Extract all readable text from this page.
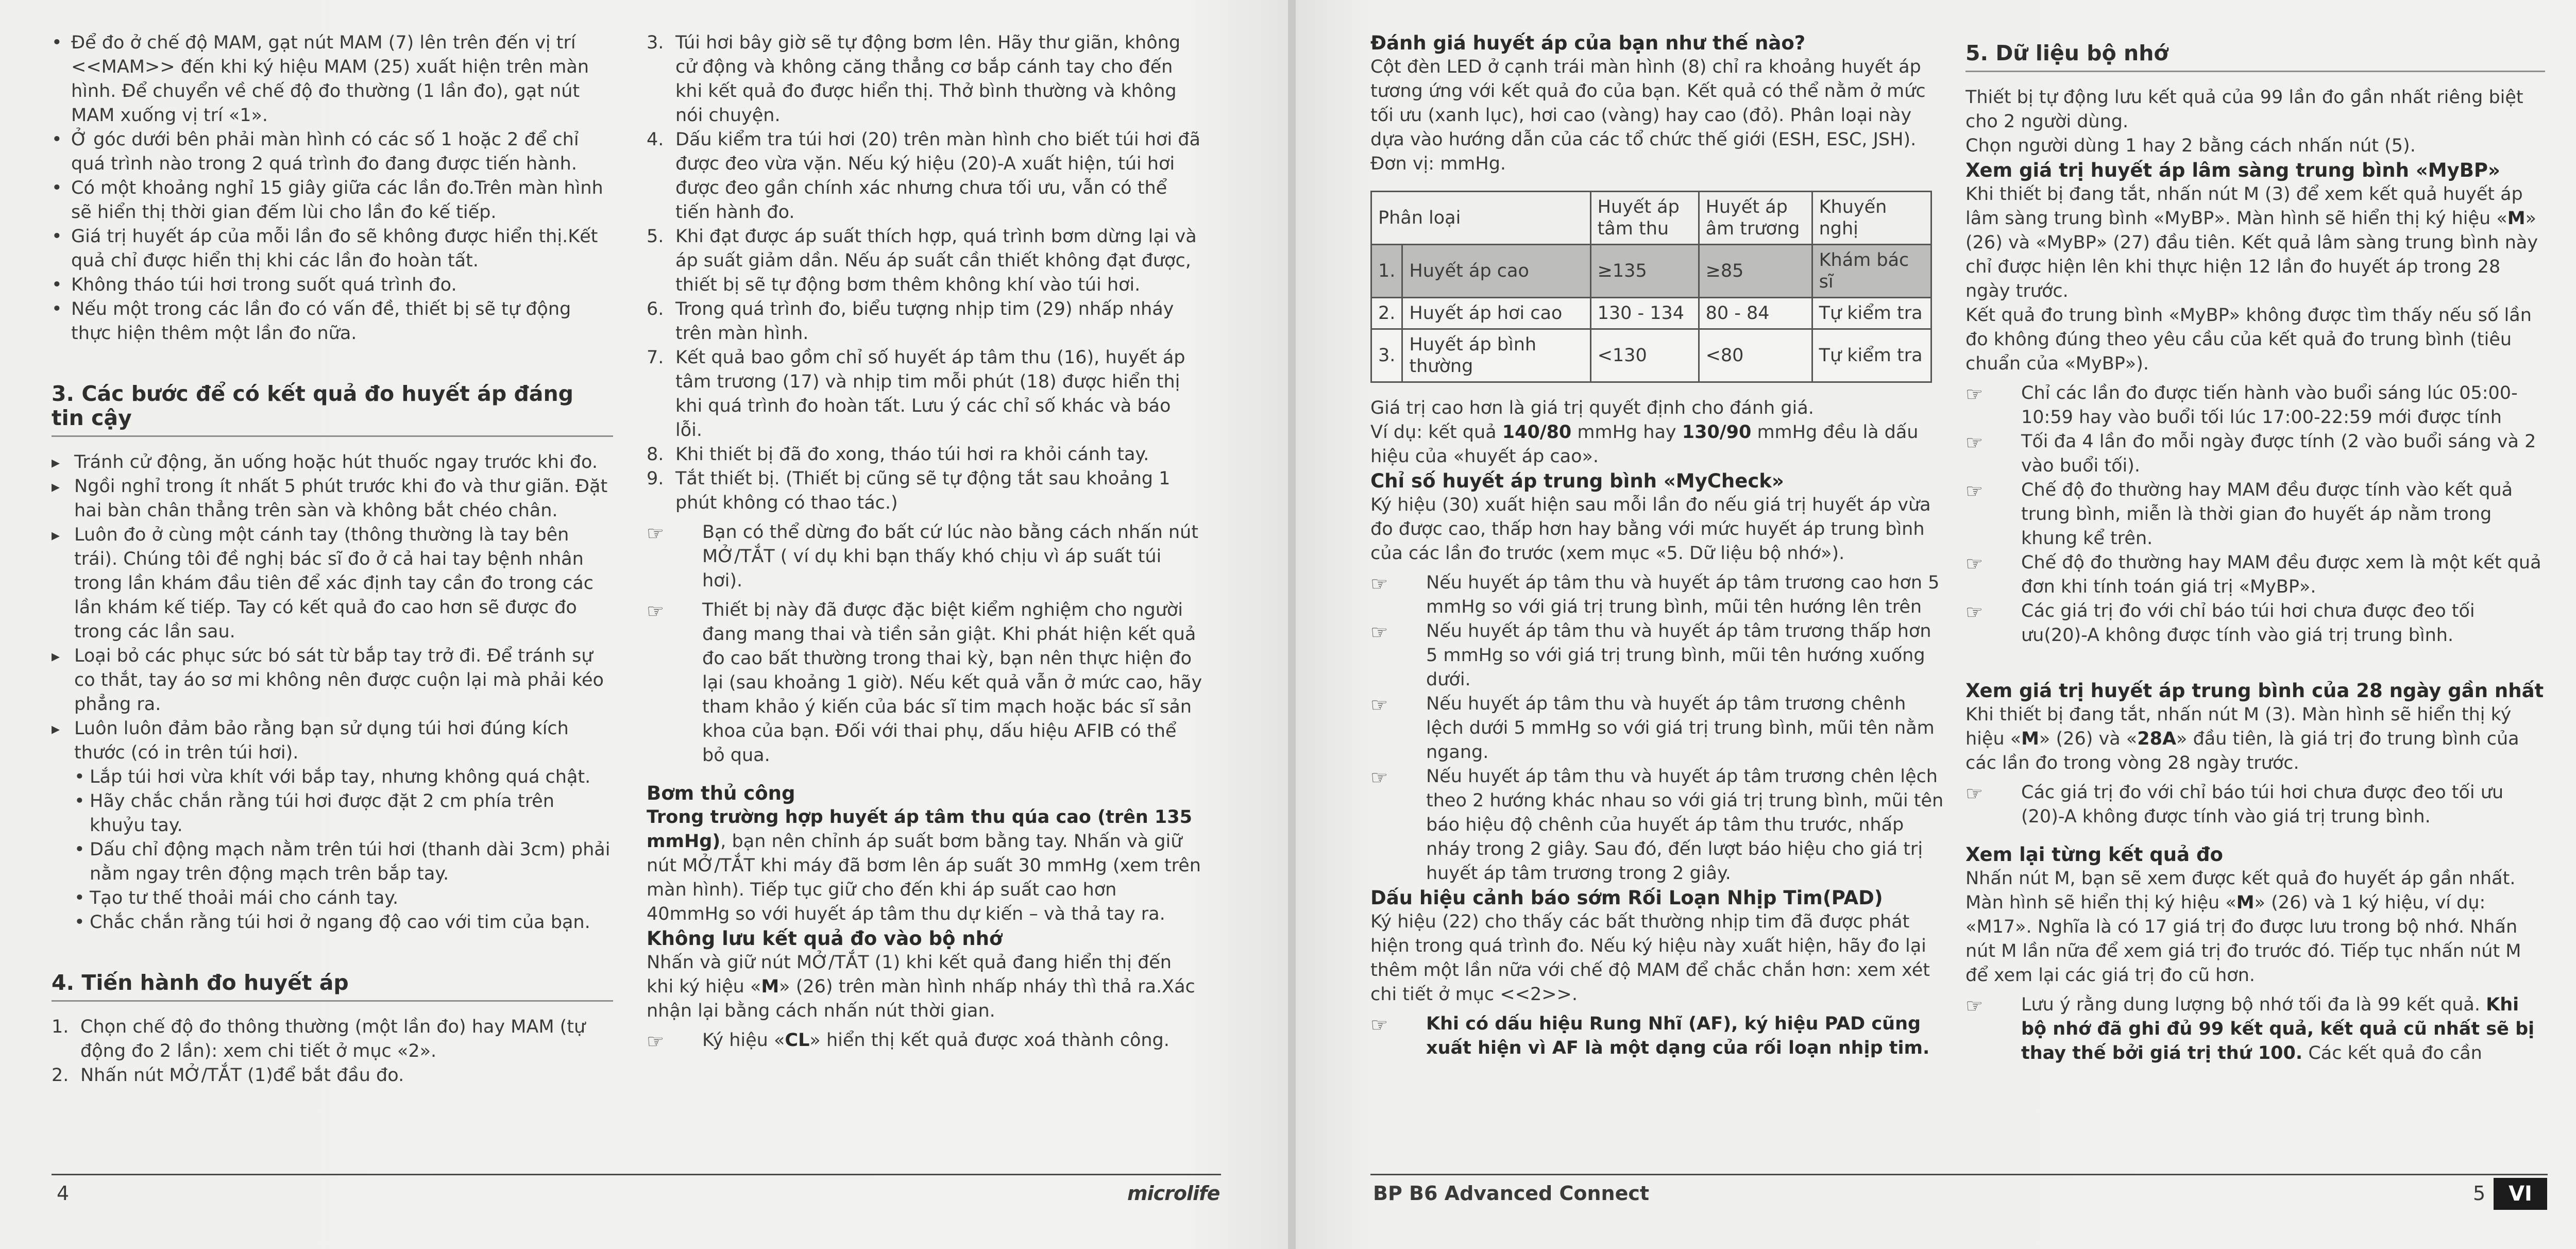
• Để đo ở chế độ MAM, gạt nút MAM (7) lên trên đến vị trí <<MAM>> đến khi ký hiệu MAM (25) xuất hiện trên màn hình. Để chuyển về chế độ đo thường (1 lần đo), gạt nút MAM xuống vị trí «1».
• Ở góc dưới bên phải màn hình có các số 1 hoặc 2 để chỉ quá trình nào trong 2 quá trình đo đang được tiến hành.
• Có một khoảng nghỉ 15 giây giữa các lần đo.Trên màn hình sẽ hiển thị thời gian đếm lùi cho lần đo kế tiếp.
• Giá trị huyết áp của mỗi lần đo sẽ không được hiển thị.Kết quả chỉ được hiển thị khi các lần đo hoàn tất.
• Không tháo túi hơi trong suốt quá trình đo.
• Nếu một trong các lần đo có vấn đề, thiết bị sẽ tự động thực hiện thêm một lần đo nữa.
3. Các bước để có kết quả đo huyết áp đáng tin cậy
▸ Tránh cử động, ăn uống hoặc hút thuốc ngay trước khi đo.
▸ Ngồi nghỉ trong ít nhất 5 phút trước khi đo và thư giãn. Đặt hai bàn chân thẳng trên sàn và không bắt chéo chân.
▸ Luôn đo ở cùng một cánh tay (thông thường là tay bên trái). Chúng tôi đề nghị bác sĩ đo ở cả hai tay bệnh nhân trong lần khám đầu tiên để xác định tay cần đo trong các lần khám kế tiếp. Tay có kết quả đo cao hơn sẽ được đo trong các lần sau.
▸ Loại bỏ các phục sức bó sát từ bắp tay trở đi. Để tránh sự co thắt, tay áo sơ mi không nên được cuộn lại mà phải kéo phẳng ra.
▸ Luôn luôn đảm bảo rằng bạn sử dụng túi hơi đúng kích thước (có in trên túi hơi).
• Lắp túi hơi vừa khít với bắp tay, nhưng không quá chật.
• Hãy chắc chắn rằng túi hơi được đặt 2 cm phía trên khuỷu tay.
• Dấu chỉ động mạch nằm trên túi hơi (thanh dài 3cm) phải nằm ngay trên động mạch trên bắp tay.
• Tạo tư thế thoải mái cho cánh tay.
• Chắc chắn rằng túi hơi ở ngang độ cao với tim của bạn.
4. Tiến hành đo huyết áp
1. Chọn chế độ đo thông thường (một lần đo) hay MAM (tự động đo 2 lần): xem chi tiết ở mục «2».
2. Nhấn nút MỞ/TẮT (1)để bắt đầu đo.
3. Túi hơi bây giờ sẽ tự động bơm lên. Hãy thư giãn, không cử động và không căng thẳng cơ bắp cánh tay cho đến khi kết quả đo được hiển thị. Thở bình thường và không nói chuyện.
4. Dấu kiểm tra túi hơi (20) trên màn hình cho biết túi hơi đã được đeo vừa vặn. Nếu ký hiệu (20)-A xuất hiện, túi hơi được đeo gần chính xác nhưng chưa tối ưu, vẫn có thể tiến hành đo.
5. Khi đạt được áp suất thích hợp, quá trình bơm dừng lại và áp suất giảm dần. Nếu áp suất cần thiết không đạt được, thiết bị sẽ tự động bơm thêm không khí vào túi hơi.
6. Trong quá trình đo, biểu tượng nhịp tim (29) nhấp nháy trên màn hình.
7. Kết quả bao gồm chỉ số huyết áp tâm thu (16), huyết áp tâm trương (17) và nhịp tim mỗi phút (18) được hiển thị khi quá trình đo hoàn tất. Lưu ý các chỉ số khác và báo lỗi.
8. Khi thiết bị đã đo xong, tháo túi hơi ra khỏi cánh tay.
9. Tắt thiết bị. (Thiết bị cũng sẽ tự động tắt sau khoảng 1 phút không có thao tác.)
☞ Bạn có thể dừng đo bất cứ lúc nào bằng cách nhấn nút MỞ/TẮT ( ví dụ khi bạn thấy khó chịu vì áp suất túi hơi).
☞ Thiết bị này đã được đặc biệt kiểm nghiệm cho người đang mang thai và tiền sản giật. Khi phát hiện kết quả đo cao bất thường trong thai kỳ, bạn nên thực hiện đo lại (sau khoảng 1 giờ). Nếu kết quả vẫn ở mức cao, hãy tham khảo ý kiến của bác sĩ tim mạch hoặc bác sĩ sản khoa của bạn. Đối với thai phụ, dấu hiệu AFIB có thể bỏ qua.

Bơm thủ công

Trong trường hợp huyết áp tâm thu qúa cao (trên 135 mmHg), bạn nên chỉnh áp suất bơm bằng tay. Nhấn và giữ nút MỞ/TẮT khi máy đã bơm lên áp suất 30 mmHg (xem trên màn hình). Tiếp tục giữ cho đến khi áp suất cao hơn 40mmHg so với huyết áp tâm thu dự kiến – và thả tay ra.

Không lưu kết quả đo vào bộ nhớ

Nhấn và giữ nút MỞ/TẮT (1) khi kết quả đang hiển thị đến khi ký hiệu «M» (26) trên màn hình nhấp nháy thì thả ra.Xác nhận lại bằng cách nhấn nút thời gian.

☞ Ký hiệu «CL» hiển thị kết quả được xoá thành công.
4	microlife

Đánh giá huyết áp của bạn như thế nào?

Cột đèn LED ở cạnh trái màn hình (8) chỉ ra khoảng huyết áp tương ứng với kết quả đo của bạn. Kết quả có thể nằm ở mức tối ưu (xanh lục), hơi cao (vàng) hay cao (đỏ). Phân loại này dựa vào hướng dẫn của các tổ chức thế giới (ESH, ESC, JSH). Đơn vị: mmHg.

Phân loại		Huyết áp tâm thu	Huyết áp âm trương	Khuyến nghị
1.	Huyết áp cao	≥135	≥85	Khám bác sĩ
2.	Huyết áp hơi cao	130 - 134	80 - 84	Tự kiểm tra
3.	Huyết áp bình thường	<130	<80	Tự kiểm tra

Giá trị cao hơn là giá trị quyết định cho đánh giá.

Ví dụ: kết quả 140/80 mmHg hay 130/90 mmHg đều là dấu hiệu của «huyết áp cao».

Chỉ số huyết áp trung bình «MyCheck»

Ký hiệu (30) xuất hiện sau mỗi lần đo nếu giá trị huyết áp vừa đo được cao, thấp hơn hay bằng với mức huyết áp trung bình của các lần đo trước (xem mục «5. Dữ liệu bộ nhớ»).

☞ Nếu huyết áp tâm thu và huyết áp tâm trương cao hơn 5 mmHg so với giá trị trung bình, mũi tên hướng lên trên
☞ Nếu huyết áp tâm thu và huyết áp tâm trương thấp hơn 5 mmHg so với giá trị trung bình, mũi tên hướng xuống dưới.
☞ Nếu huyết áp tâm thu và huyết áp tâm trương chênh lệch dưới 5 mmHg so với giá trị trung bình, mũi tên nằm ngang.
☞ Nếu huyết áp tâm thu và huyết áp tâm trương chên lệch theo 2 hướng khác nhau so với giá trị trung bình, mũi tên báo hiệu độ chênh của huyết áp tâm thu trước, nhấp nháy trong 2 giây. Sau đó, đến lượt báo hiệu cho giá trị huyết áp tâm trương trong 2 giây.

Dấu hiệu cảnh báo sớm Rối Loạn Nhịp Tim(PAD)

Ký hiệu (22) cho thấy các bất thường nhịp tim đã được phát hiện trong quá trình đo. Nếu ký hiệu này xuất hiện, hãy đo lại thêm một lần nữa với chế độ MAM để chắc chắn hơn: xem xét chi tiết ở mục <<2>>.

☞ Khi có dấu hiệu Rung Nhĩ (AF), ký hiệu PAD cũng xuất hiện vì AF là một dạng của rối loạn nhịp tim.
5. Dữ liệu bộ nhớ

Thiết bị tự động lưu kết quả của 99 lần đo gần nhất riêng biệt cho 2 người dùng.

Chọn người dùng 1 hay 2 bằng cách nhấn nút (5).

Xem giá trị huyết áp lâm sàng trung bình «MyBP»

Khi thiết bị đang tắt, nhấn nút M (3) để xem kết quả huyết áp lâm sàng trung bình «MyBP». Màn hình sẽ hiển thị ký hiệu «M» (26) và «MyBP» (27) đầu tiên. Kết quả lâm sàng trung bình này chỉ được hiện lên khi thực hiện 12 lần đo huyết áp trong 28 ngày trước.

Kết quả đo trung bình «MyBP» không được tìm thấy nếu số lần đo không đúng theo yêu cầu của kết quả đo trung bình (tiêu chuẩn của «MyBP»).

☞ Chỉ các lần đo được tiến hành vào buổi sáng lúc 05:00-10:59 hay vào buổi tối lúc 17:00-22:59 mới được tính
☞ Tối đa 4 lần đo mỗi ngày được tính (2 vào buổi sáng và 2 vào buổi tối).
☞ Chế độ đo thường hay MAM đều được tính vào kết quả trung bình, miễn là thời gian đo huyết áp nằm trong khung kể trên.
☞ Chế độ đo thường hay MAM đều được xem là một kết quả đơn khi tính toán giá trị «MyBP».
☞ Các giá trị đo với chỉ báo túi hơi chưa được đeo tối ưu(20)-A không được tính vào giá trị trung bình.

Xem giá trị huyết áp trung bình của 28 ngày gần nhất

Khi thiết bị đang tắt, nhấn nút M (3). Màn hình sẽ hiển thị ký hiệu «M» (26) và «28A» đầu tiên, là giá trị đo trung bình của các lần đo trong vòng 28 ngày trước.

☞ Các giá trị đo với chỉ báo túi hơi chưa được đeo tối ưu (20)-A không được tính vào giá trị trung bình.

Xem lại từng kết quả đo

Nhấn nút M, bạn sẽ xem được kết quả đo huyết áp gần nhất. Màn hình sẽ hiển thị ký hiệu «M» (26) và 1 ký hiệu, ví dụ: «M17». Nghĩa là có 17 giá trị đo được lưu trong bộ nhớ. Nhấn nút M lần nữa để xem giá trị đo trước đó. Tiếp tục nhấn nút M để xem lại các giá trị đo cũ hơn.

☞ Lưu ý rằng dung lượng bộ nhớ tối đa là 99 kết quả. Khi bộ nhớ đã ghi đủ 99 kết quả, kết quả cũ nhất sẽ bị thay thế bởi giá trị thứ 100. Các kết quả đo cần
BP B6 Advanced Connect	5	VI
